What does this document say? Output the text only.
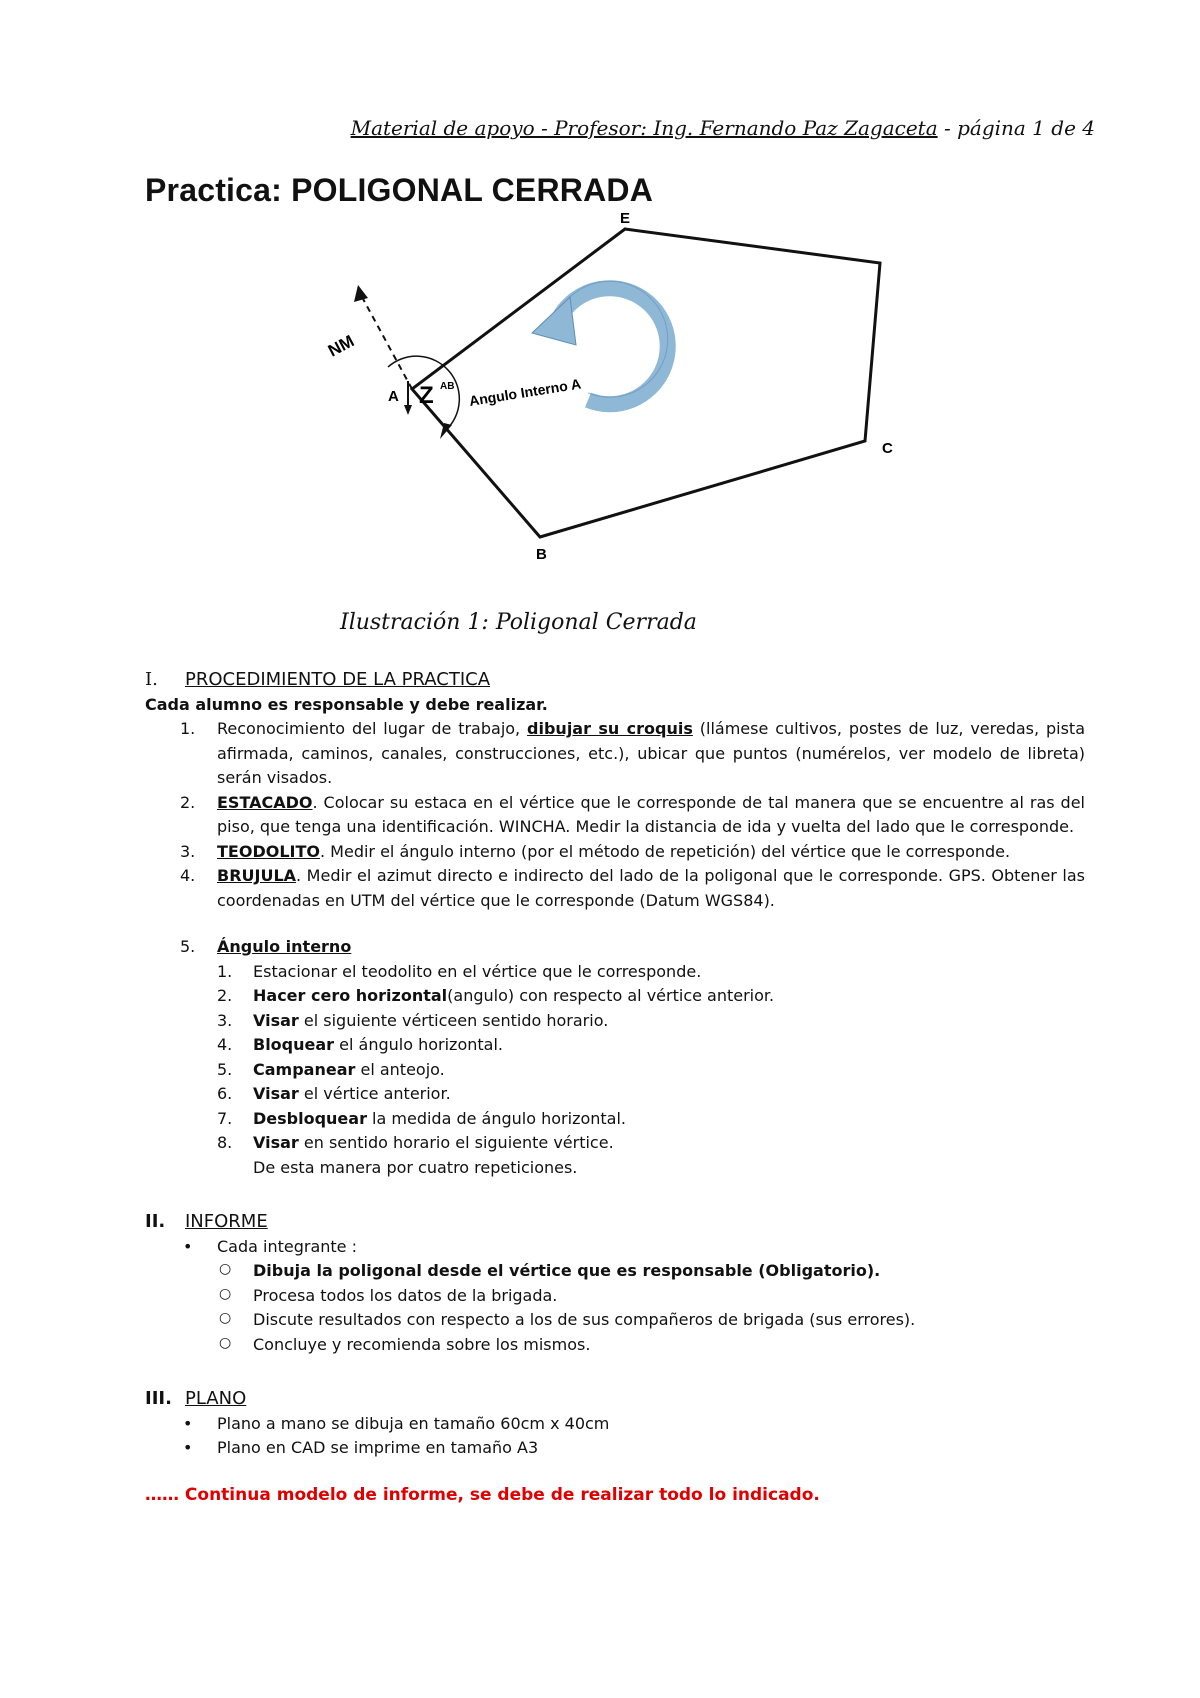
Material de apoyo - Profesor: Ing. Fernando Paz Zagaceta - página 1 de 4
Practica: POLIGONAL CERRADA
E
C
B
A
NM
Z AB Angulo Interno A
Ilustración 1: Poligonal Cerrada
I. PROCEDIMIENTO DE LA PRACTICA
Cada alumno es responsable y debe realizar.
1.	Reconocimiento del lugar de trabajo, dibujar su croquis (llámese cultivos, postes de luz, veredas, pista afirmada, caminos, canales, construcciones, etc.), ubicar que puntos (numérelos, ver modelo de libreta) serán visados.
2.	ESTACADO. Colocar su estaca en el vértice que le corresponde de tal manera que se encuentre al ras del piso, que tenga una identificación. WINCHA. Medir la distancia de ida y vuelta del lado que le corresponde.
3.	TEODOLITO. Medir el ángulo interno (por el método de repetición) del vértice que le corresponde.
4.	BRUJULA. Medir el azimut directo e indirecto del lado de la poligonal que le corresponde. GPS. Obtener las coordenadas en UTM del vértice que le corresponde (Datum WGS84).
5.	Ángulo interno
1.	Estacionar el teodolito en el vértice que le corresponde.
2.	Hacer cero horizontal(angulo) con respecto al vértice anterior.
3.	Visar el siguiente vérticeen sentido horario.
4.	Bloquear el ángulo horizontal.
5.	Campanear el anteojo.
6.	Visar el vértice anterior.
7.	Desbloquear la medida de ángulo horizontal.
8.	Visar en sentido horario el siguiente vértice.
De esta manera por cuatro repeticiones.
II. INFORME
• Cada integrante :
○ Dibuja la poligonal desde el vértice que es responsable (Obligatorio).
○ Procesa todos los datos de la brigada.
○ Discute resultados con respecto a los de sus compañeros de brigada (sus errores).
○ Concluye y recomienda sobre los mismos.
III. PLANO
• Plano a mano se dibuja en tamaño 60cm x 40cm
• Plano en CAD se imprime en tamaño A3
…… Continua modelo de informe, se debe de realizar todo lo indicado.
